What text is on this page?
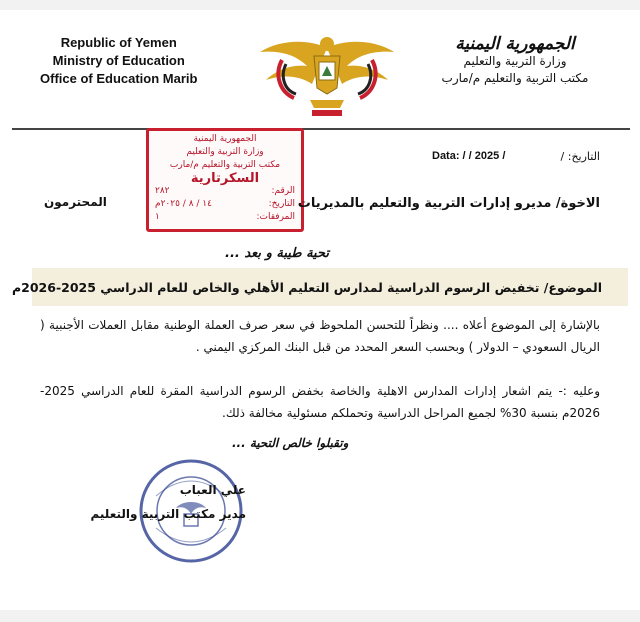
Republic of Yemen
Ministry of Education
Office of Education Marib
الجمهورية اليمنية
وزارة التربية والتعليم
مكتب التربية والتعليم م/مارب
Data: / / 2025 /	التاريخ: /
الجمهورية اليمنية
وزارة التربية والتعليم
مكتب التربية والتعليم م/مارب
السكرتارية
الرقم:
٢٨٢
التاريخ:
١٤ / ٨ / ٢٠٢٥م
المرفقات:
١
الاخوة/ مديرو إدارات التربية والتعليم بالمديريات
المحترمون
تحية طيبة و بعد ...
الموضوع/ تخفيض الرسوم الدراسية لمدارس التعليم الأهلي والخاص للعام الدراسي 2025-2026م
بالإشارة إلى الموضوع أعلاه .... ونظراً للتحسن الملحوظ في سعر صرف العملة الوطنية مقابل العملات الأجنبية ( الريال السعودي – الدولار ) وبحسب السعر المحدد من قبل البنك المركزي اليمني .
وعليه :- يتم اشعار إدارات المدارس الاهلية والخاصة بخفض الرسوم الدراسية المقرة للعام الدراسي 2025-2026م بنسبة 30% لجميع المراحل الدراسية وتحملكم مسئولية مخالفة ذلك.
وتقبلوا خالص التحية ...
علي العباب
مدير مكتب التربية والتعليم
